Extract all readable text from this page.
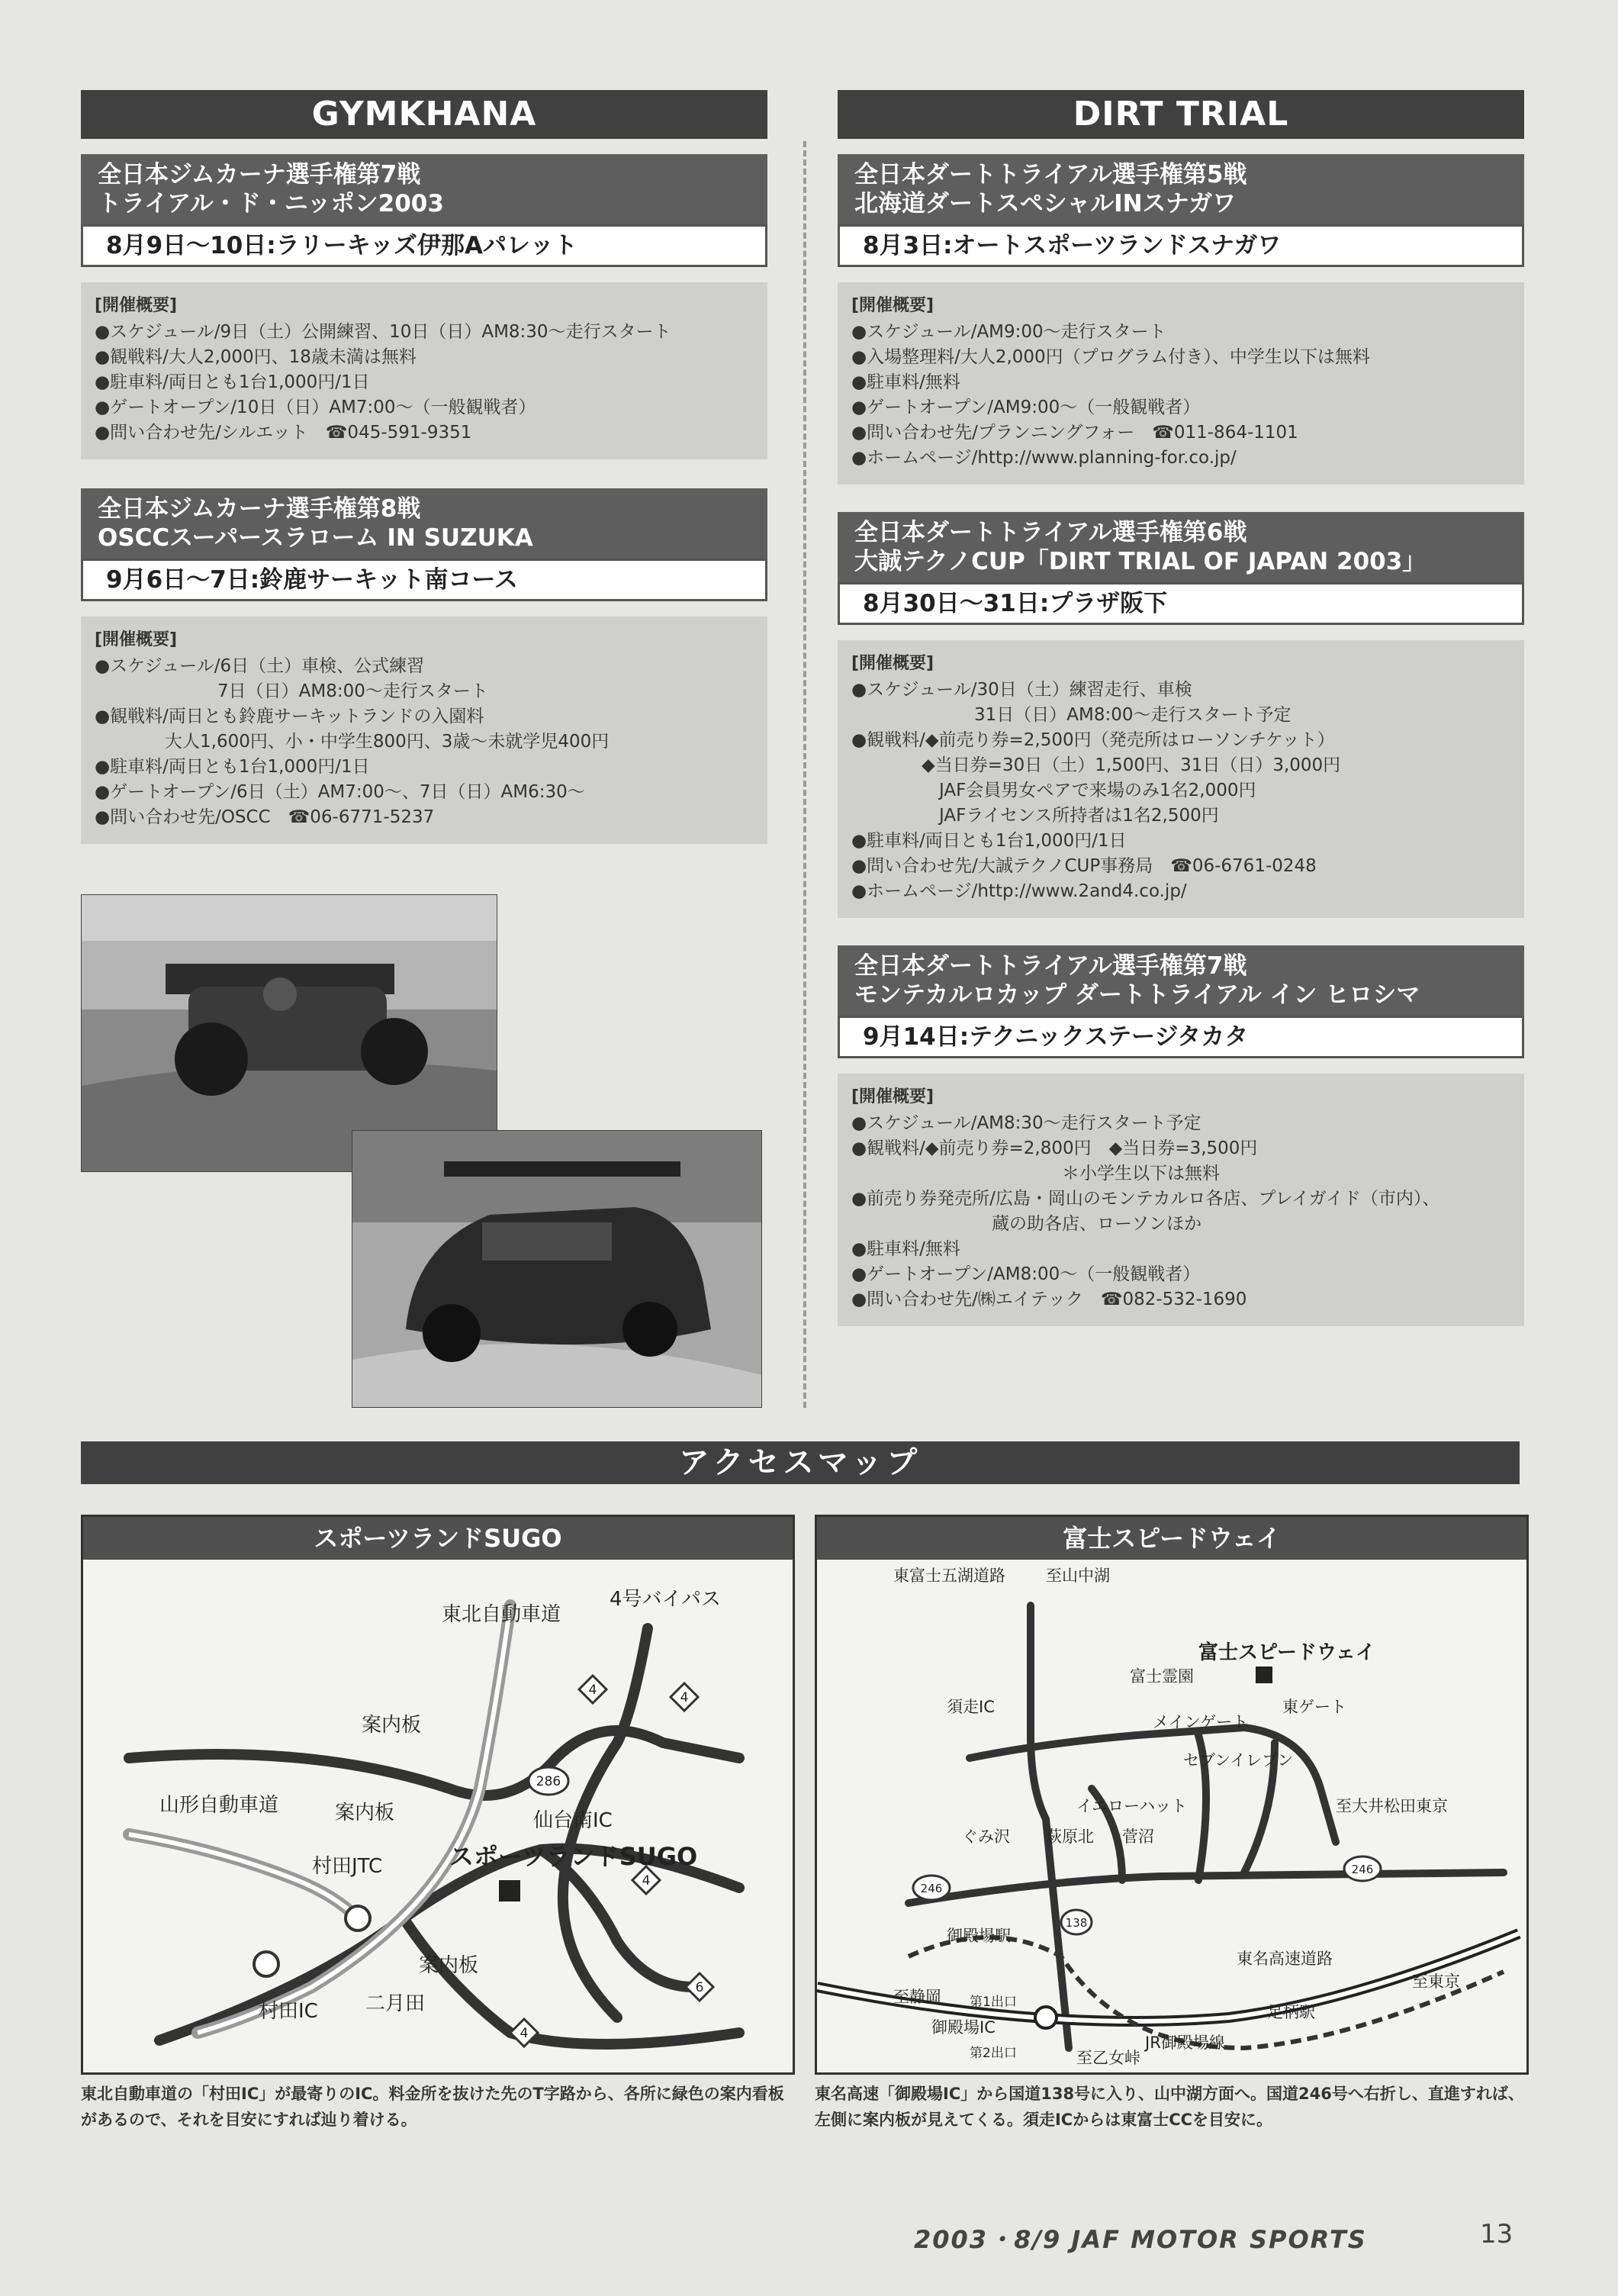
GYMKHANA
全日本ジムカーナ選手権第7戦
トライアル・ド・ニッポン2003
8月9日〜10日:ラリーキッズ伊那Aパレット
[開催概要]
●スケジュール/9日（土）公開練習、10日（日）AM8:30〜走行スタート
●観戦料/大人2,000円、18歳未満は無料
●駐車料/両日とも1台1,000円/1日
●ゲートオープン/10日（日）AM7:00〜（一般観戦者）
●問い合わせ先/シルエット　☎045-591-9351
全日本ジムカーナ選手権第8戦
OSCCスーパースラローム IN SUZUKA
9月6日〜7日:鈴鹿サーキット南コース
[開催概要]
●スケジュール/6日（土）車検、公式練習
　　　　　　　7日（日）AM8:00〜走行スタート
●観戦料/両日とも鈴鹿サーキットランドの入園料
　　　　大人1,600円、小・中学生800円、3歳〜未就学児400円
●駐車料/両日とも1台1,000円/1日
●ゲートオープン/6日（土）AM7:00〜、7日（日）AM6:30〜
●問い合わせ先/OSCC　☎06-6771-5237
DIRT TRIAL
全日本ダートトライアル選手権第5戦
北海道ダートスペシャルINスナガワ
8月3日:オートスポーツランドスナガワ
[開催概要]
●スケジュール/AM9:00〜走行スタート
●入場整理料/大人2,000円（プログラム付き）、中学生以下は無料
●駐車料/無料
●ゲートオープン/AM9:00〜（一般観戦者）
●問い合わせ先/プランニングフォー　☎011-864-1101
●ホームページ/http://www.planning-for.co.jp/
全日本ダートトライアル選手権第6戦
大誠テクノCUP「DIRT TRIAL OF JAPAN 2003」
8月30日〜31日:プラザ阪下
[開催概要]
●スケジュール/30日（土）練習走行、車検
　　　　　　　31日（日）AM8:00〜走行スタート予定
●観戦料/◆前売り券=2,500円（発売所はローソンチケット）
　　　　◆当日券=30日（土）1,500円、31日（日）3,000円
　　　　　JAF会員男女ペアで来場のみ1名2,000円
　　　　　JAFライセンス所持者は1名2,500円
●駐車料/両日とも1台1,000円/1日
●問い合わせ先/大誠テクノCUP事務局　☎06-6761-0248
●ホームページ/http://www.2and4.co.jp/
全日本ダートトライアル選手権第7戦
モンテカルロカップ ダートトライアル イン ヒロシマ
9月14日:テクニックステージタカタ
[開催概要]
●スケジュール/AM8:30〜走行スタート予定
●観戦料/◆前売り券=2,800円　◆当日券=3,500円
　　　　　　　　　　　　＊小学生以下は無料
●前売り券発売所/広島・岡山のモンテカルロ各店、プレイガイド（市内）、
　　　　　　　　蔵の助各店、ローソンほか
●駐車料/無料
●ゲートオープン/AM8:00〜（一般観戦者）
●問い合わせ先/㈱エイテック　☎082-532-1690
アクセスマップ
スポーツランドSUGO
4	4
4
4
6
286
東北自動車道
4号バイパス
案内板
仙台南IC
山形自動車道	案内板
村田JTC	スポーツランドSUGO
案内板
二月田
村田IC
東北自動車道の「村田IC」が最寄りのIC。料金所を抜けた先のT字路から、各所に緑色の案内看板があるので、それを目安にすれば辿り着ける。
富士スピードウェイ
246
246
138
東富士五湖道路	至山中湖
富士スピードウェイ
富士霊園
須走IC	東ゲート
メインゲート
セブンイレブン
イエローハット	至大井松田東京
ぐみ沢 萩原北 菅沼
御殿場駅
東名高速道路
至静岡 第1出口
御殿場IC
第2出口
JR御殿場線
足柄駅
至東京
至乙女峠
東名高速「御殿場IC」から国道138号に入り、山中湖方面へ。国道246号へ右折し、直進すれば、左側に案内板が見えてくる。須走ICからは東富士CCを目安に。
2003・8/9 JAF MOTOR SPORTS	13
